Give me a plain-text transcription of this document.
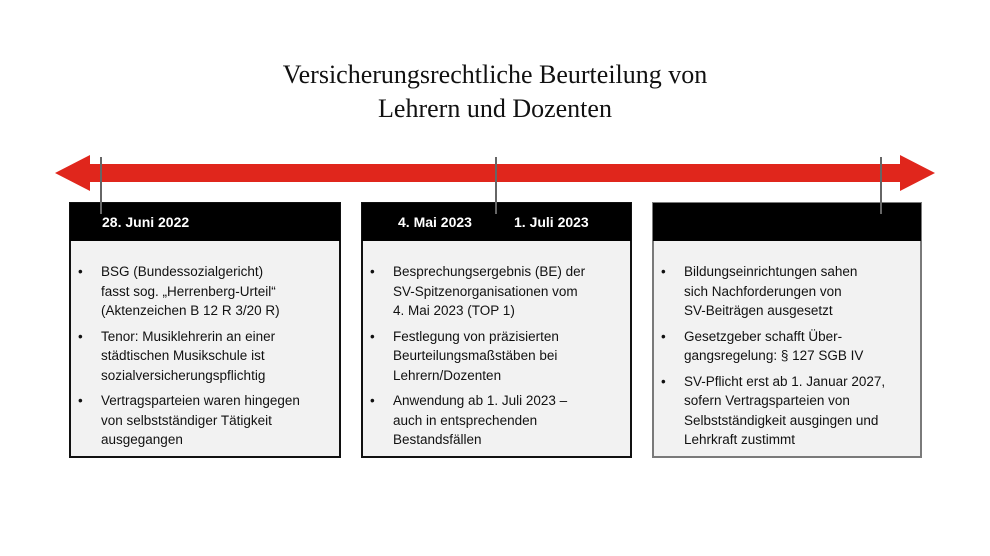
Versicherungsrechtliche Beurteilung von
Lehrern und Dozenten
28. Juni 2022
• BSG (Bundessozialgericht)
fasst sog. „Herrenberg-Urteil“
(Aktenzeichen B 12 R 3/20 R)
• Tenor: Musiklehrerin an einer
städtischen Musikschule ist
sozialversicherungspflichtig
• Vertragsparteien waren hingegen
von selbstständiger Tätigkeit
ausgegangen
4. Mai 2023	1. Juli 2023
• Besprechungsergebnis (BE) der
SV-Spitzenorganisationen vom
4. Mai 2023 (TOP 1)
• Festlegung von präzisierten
Beurteilungsmaßstäben bei
Lehrern/Dozenten
• Anwendung ab 1. Juli 2023 –
auch in entsprechenden
Bestandsfällen
• Bildungseinrichtungen sahen
sich Nachforderungen von
SV-Beiträgen ausgesetzt
• Gesetzgeber schafft Über-
gangsregelung: § 127 SGB IV
• SV-Pflicht erst ab 1. Januar 2027,
sofern Vertragsparteien von
Selbstständigkeit ausgingen und
Lehrkraft zustimmt
